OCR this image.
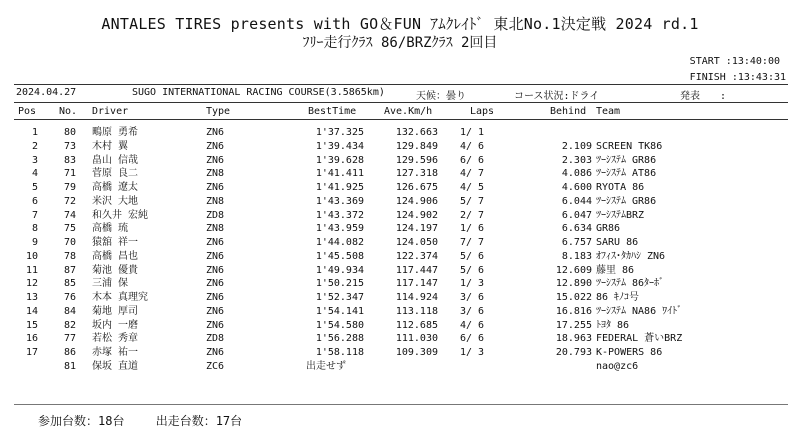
ANTALES TIRES presents with GO＆FUN ｱﾑｸﾚｲﾄﾞ 東北No.1決定戦 2024 rd.1
ﾌﾘｰ走行ｸﾗｽ 86/BRZｸﾗｽ 2回目
START :13:40:00
FINISH :13:43:31
2024.04.27	SUGO INTERNATIONAL RACING COURSE(3.5865km)	天候：曇り	コース状況:ドライ	発表　　:
Pos No. Driver	Type	BestTime	Ave.Km/h	Laps	Behind Team
1	80 鴫原 勇希	ZN6	1'37.325	132.663 1/ 1
2	73 木村 翼	ZN6	1'39.434	129.849 4/ 6	2.109 SCREEN TK86
3	83 畠山 信哉	ZN6	1'39.628	129.596 6/ 6	2.303 ﾂｰｼｽﾃﾑ GR86
4	71 菅原 良二	ZN8	1'41.411	127.318 4/ 7	4.086 ﾂｰｼｽﾃﾑ AT86
5	79 高橋 遼太	ZN6	1'41.925	126.675 4/ 5	4.600 RYOTA 86
6	72 米沢 大地	ZN8	1'43.369	124.906 5/ 7	6.044 ﾂｰｼｽﾃﾑ GR86
7	74 和久井 宏純	ZD8	1'43.372	124.902 2/ 7	6.047 ﾂｰｼｽﾃﾑBRZ
8	75 高橋 琉	ZN8	1'43.959	124.197 1/ 6	6.634 GR86
9	70 猿舘 祥一	ZN6	1'44.082	124.050 7/ 7	6.757 SARU 86
10	78 高橋 昌也	ZN6	1'45.508	122.374 5/ 6	8.183 ｵﾌｨｽ･ﾀｶﾊｼ ZN6
11	87 菊池 優貴	ZN6	1'49.934	117.447 5/ 6	12.609 藤里 86
12	85 三浦 保	ZN6	1'50.215	117.147 1/ 3	12.890 ﾂｰｼｽﾃﾑ 86ﾀｰﾎﾞ
13	76 木本 真理究	ZN6	1'52.347	114.924 3/ 6	15.022 86 ｷﾉｺ号
14	84 菊地 厚司	ZN6	1'54.141	113.118 3/ 6	16.816 ﾂｰｼｽﾃﾑ NA86 ﾜｲﾄﾞ
15	82 坂内 一磨	ZN6	1'54.580	112.685 4/ 6	17.255 ﾄﾖﾀ 86
16	77 若松 秀章	ZD8	1'56.288	111.030 6/ 6	18.963 FEDERAL 蒼いBRZ
17	86 赤塚 祐一	ZN6	1'58.118	109.309 1/ 3	20.793 K-POWERS 86
81 保坂 直道	ZC6	出走せず	nao@zc6
参加台数：18台	出走台数：17台
